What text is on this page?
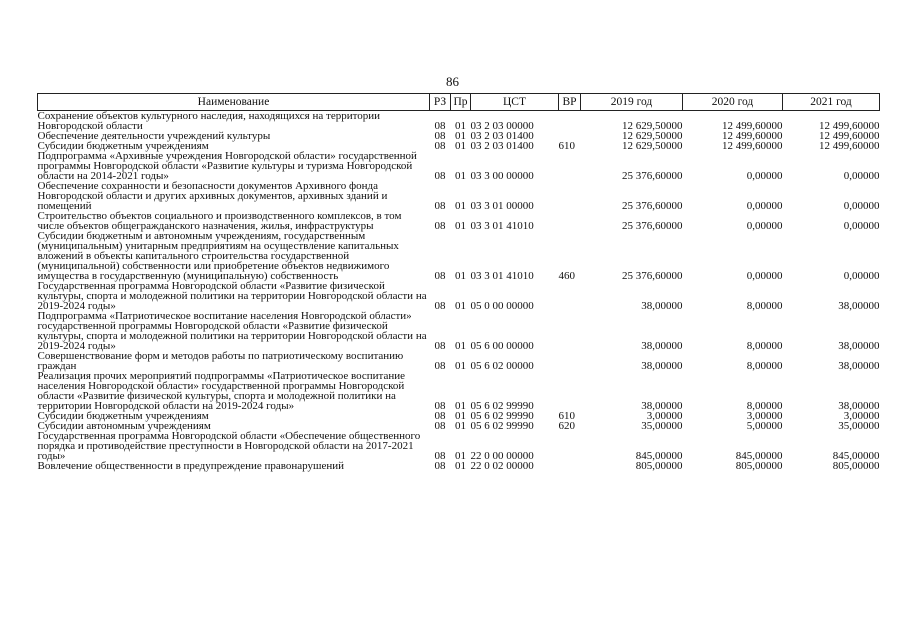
86
Наименование	РЗ	Пр	ЦСТ	ВР	2019 год	2020 год	2021 год
Сохранение объектов культурного наследия, находящихся на территории Новгородской области	08	01	03 2 03 00000		12 629,50000	12 499,60000	12 499,60000
Обеспечение деятельности учреждений культуры	08	01	03 2 03 01400		12 629,50000	12 499,60000	12 499,60000
Субсидии бюджетным учреждениям	08	01	03 2 03 01400	610	12 629,50000	12 499,60000	12 499,60000
Подпрограмма «Архивные учреждения Новгородской области» государственной программы Новгородской области «Развитие культуры и туризма Новгородской области на 2014-2021 годы»	08	01	03 3 00 00000		25 376,60000	0,00000	0,00000
Обеспечение сохранности и безопасности документов Архивного фонда Новгородской области и других архивных документов, архивных зданий и помещений	08	01	03 3 01 00000		25 376,60000	0,00000	0,00000
Строительство объектов социального и производственного комплексов, в том числе объектов общегражданского назначения, жилья, инфраструктуры	08	01	03 3 01 41010		25 376,60000	0,00000	0,00000
Субсидии бюджетным и автономным учреждениям, государственным (муниципальным) унитарным предприятиям на осуществление капитальных вложений в объекты капитального строительства государственной (муниципальной) собственности или приобретение объектов недвижимого имущества в государственную (муниципальную) собственность	08	01	03 3 01 41010	460	25 376,60000	0,00000	0,00000
Государственная программа Новгородской области «Развитие физической культуры, спорта и молодежной политики на территории Новгородской области на 2019-2024 годы»	08	01	05 0 00 00000		38,00000	8,00000	38,00000
Подпрограмма «Патриотическое воспитание населения Новгородской области» государственной программы Новгородской области «Развитие физической культуры, спорта и молодежной политики на территории Новгородской области на 2019-2024 годы»	08	01	05 6 00 00000		38,00000	8,00000	38,00000
Совершенствование форм и методов работы по патриотическому воспитанию граждан	08	01	05 6 02 00000		38,00000	8,00000	38,00000
Реализация прочих мероприятий подпрограммы «Патриотическое воспитание населения Новгородской области» государственной программы Новгородской области «Развитие физической культуры, спорта и молодежной политики на территории Новгородской области на 2019-2024 годы»	08	01	05 6 02 99990		38,00000	8,00000	38,00000
Субсидии бюджетным учреждениям	08	01	05 6 02 99990	610	3,00000	3,00000	3,00000
Субсидии автономным учреждениям	08	01	05 6 02 99990	620	35,00000	5,00000	35,00000
Государственная программа Новгородской области «Обеспечение общественного порядка и противодействие преступности в Новгородской области на 2017-2021 годы»	08	01	22 0 00 00000		845,00000	845,00000	845,00000
Вовлечение общественности в предупреждение правонарушений	08	01	22 0 02 00000		805,00000	805,00000	805,00000
